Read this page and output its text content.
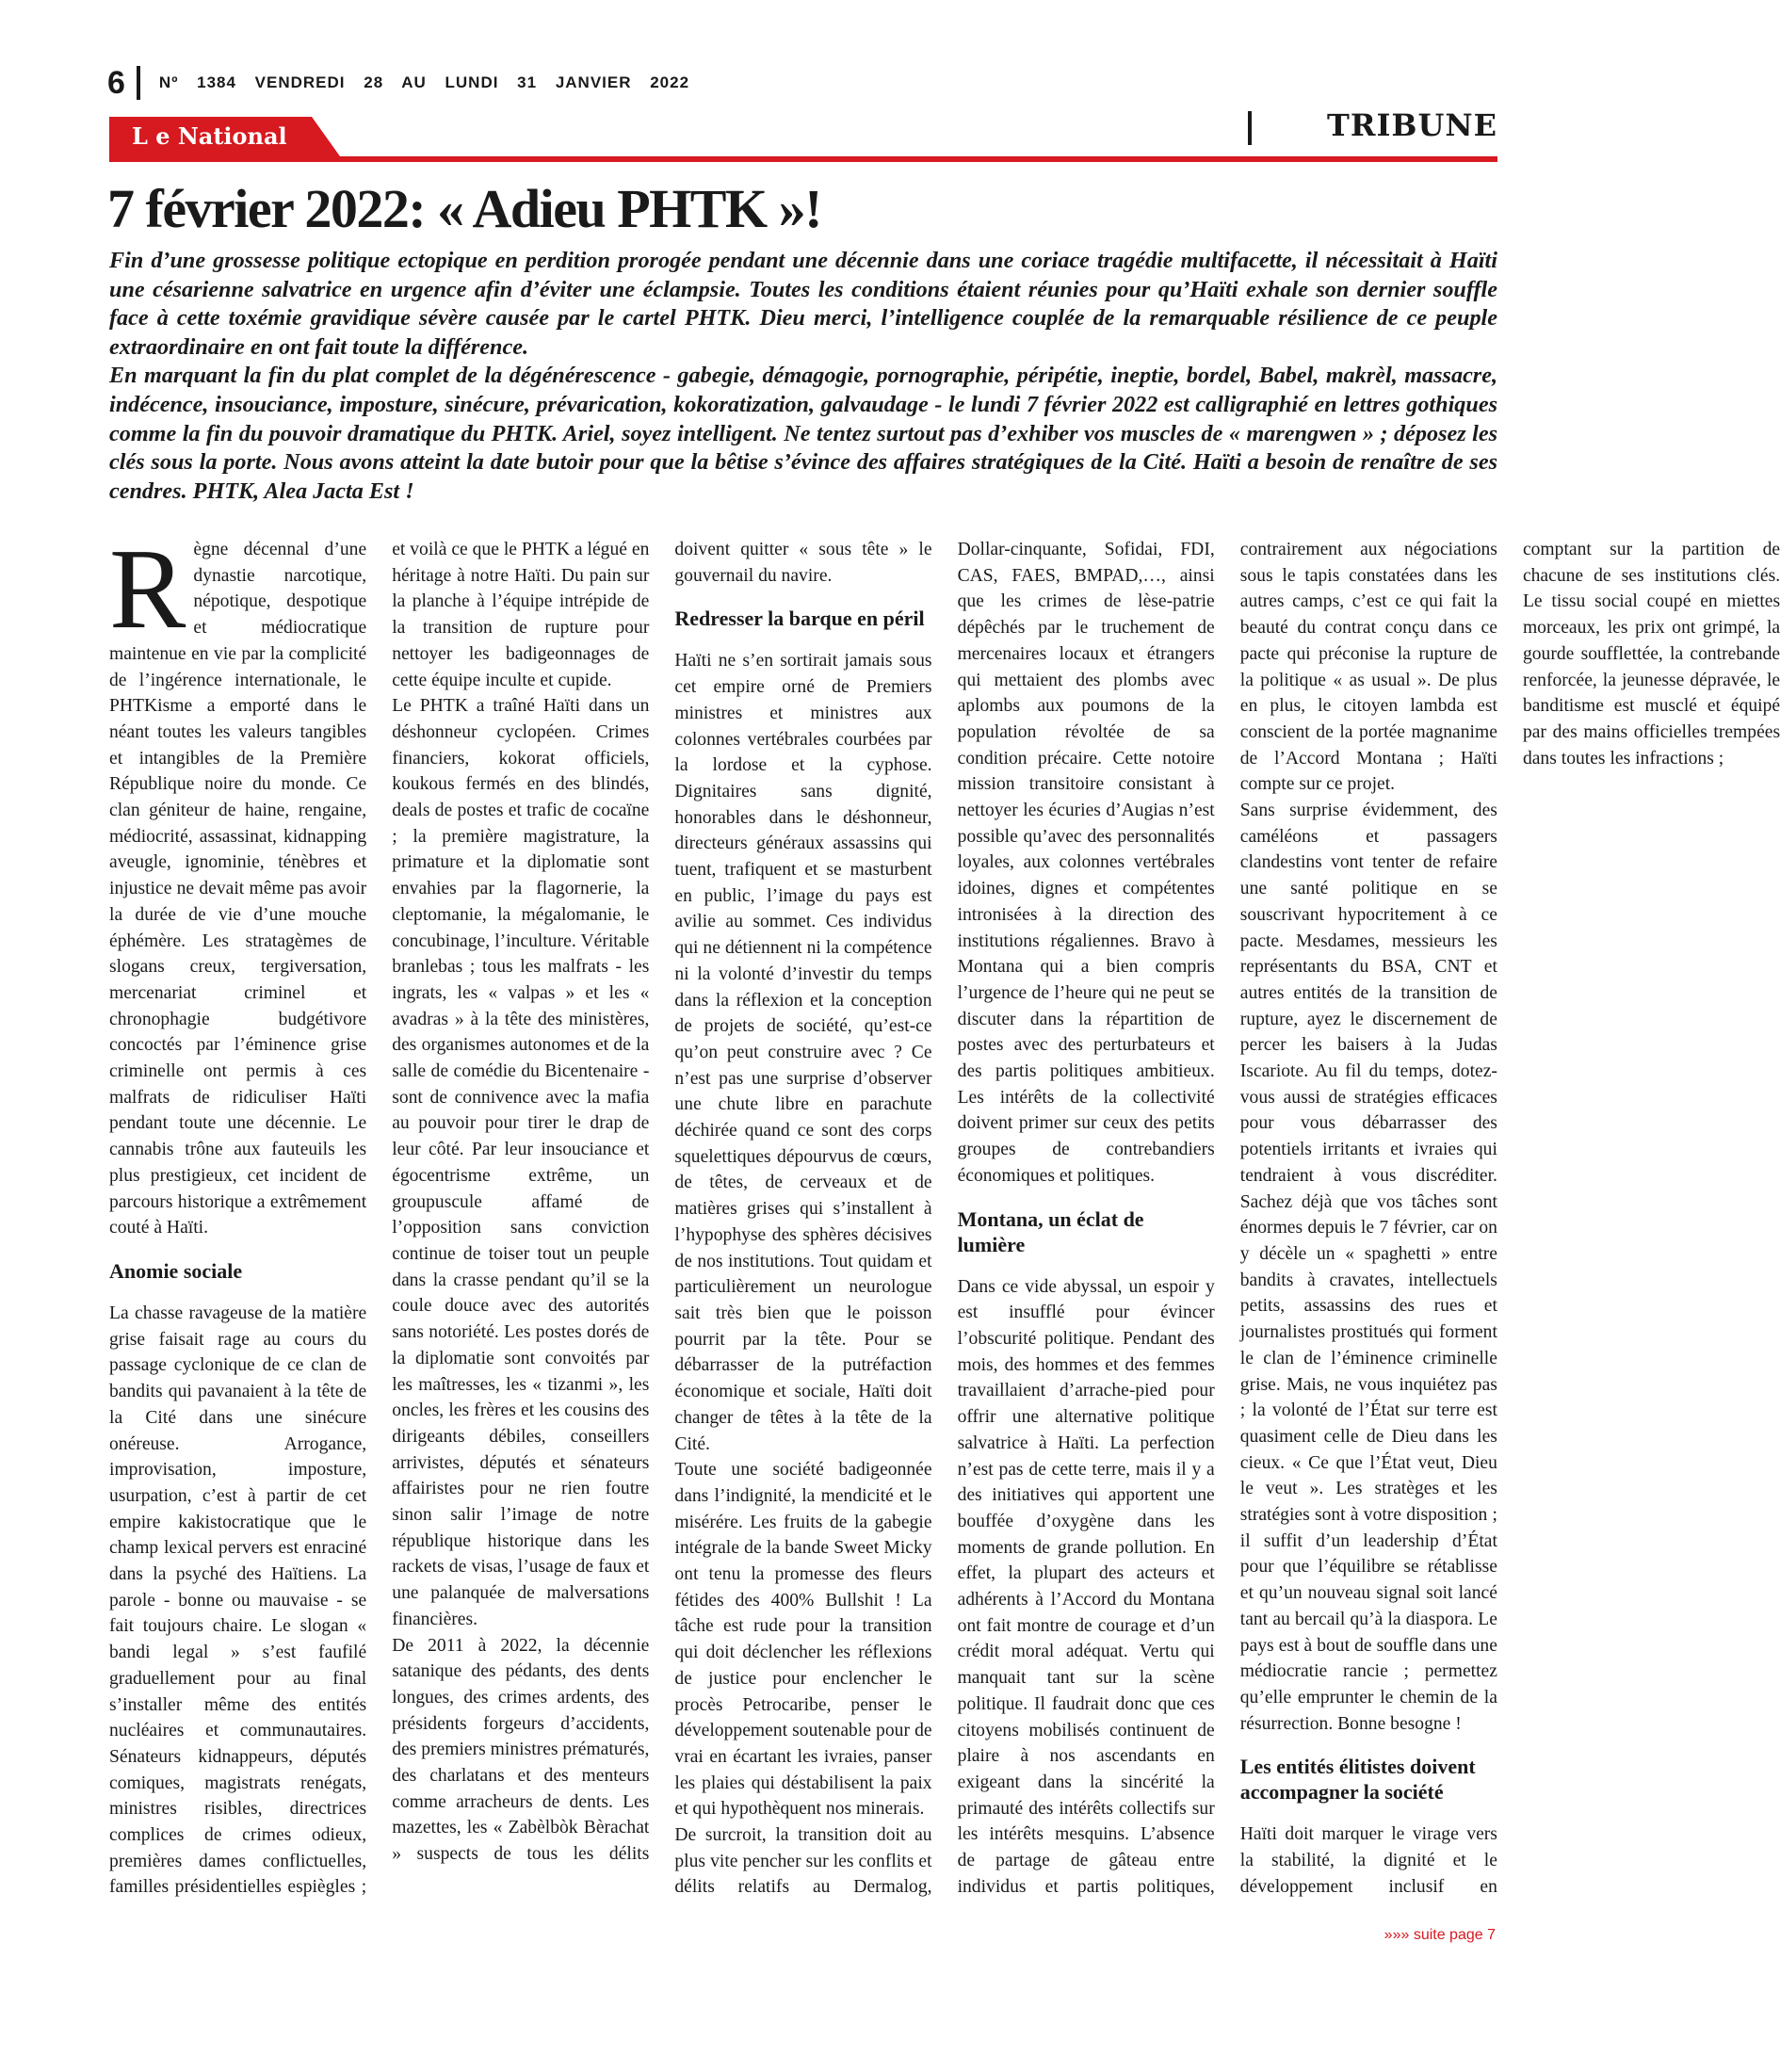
6 Nº 1384 VENDREDI 28 AU LUNDI 31 JANVIER 2022
L e National	TRIBUNE
7 février 2022: « Adieu PHTK »!

Fin d’une grossesse politique ectopique en perdition prorogée pendant une décennie dans une coriace tragédie multifacette, il nécessitait à Haïti une césarienne salvatrice en urgence afin d’éviter une éclampsie. Toutes les conditions étaient réunies pour qu’Haïti exhale son dernier souffle face à cette toxémie gravidique sévère causée par le cartel PHTK. Dieu merci, l’intelligence couplée de la remarquable résilience de ce peuple extraordinaire en ont fait toute la différence.

En marquant la fin du plat complet de la dégénérescence - gabegie, démagogie, pornographie, péripétie, ineptie, bordel, Babel, makrèl, massacre, indécence, insouciance, imposture, sinécure, prévarication, kokoratization, galvaudage - le lundi 7 février 2022 est calligraphié en lettres gothiques comme la fin du pouvoir dramatique du PHTK. Ariel, soyez intelligent. Ne tentez surtout pas d’exhiber vos muscles de « marengwen » ; déposez les clés sous la porte. Nous avons atteint la date butoir pour que la bêtise s’évince des affaires stratégiques de la Cité. Haïti a besoin de renaître de ses cendres. PHTK, Alea Jacta Est !

Règne décennal d’une dynastie narcotique, népotique, despotique et médiocratique maintenue en vie par la complicité de l’ingérence internationale, le PHTKisme a emporté dans le néant toutes les valeurs tangibles et intangibles de la Première République noire du monde. Ce clan géniteur de haine, rengaine, médiocrité, assassinat, kidnapping aveugle, ignominie, ténèbres et injustice ne devait même pas avoir la durée de vie d’une mouche éphémère. Les stratagèmes de slogans creux, tergiversation, mercenariat criminel et chronophagie budgétivore concoctés par l’éminence grise criminelle ont permis à ces malfrats de ridiculiser Haïti pendant toute une décennie. Le cannabis trône aux fauteuils les plus prestigieux, cet incident de parcours historique a extrêmement couté à Haïti.

Anomie sociale

La chasse ravageuse de la matière grise faisait rage au cours du passage cyclonique de ce clan de bandits qui pavanaient à la tête de la Cité dans une sinécure onéreuse. Arrogance, improvisation, imposture, usurpation, c’est à partir de cet empire kakistocratique que le champ lexical pervers est enraciné dans la psyché des Haïtiens. La parole - bonne ou mauvaise - se fait toujours chaire. Le slogan « bandi legal » s’est faufilé graduellement pour au final s’installer même des entités nucléaires et communautaires. Sénateurs kidnappeurs, députés comiques, magistrats renégats, ministres risibles, directrices complices de crimes odieux, premières dames conflictuelles, familles présidentielles espiègles ; et voilà ce que le PHTK a légué en héritage à notre Haïti. Du pain sur la planche à l’équipe intrépide de la transition de rupture pour nettoyer les badigeonnages de cette équipe inculte et cupide.

Le PHTK a traîné Haïti dans un déshonneur cyclopéen. Crimes financiers, kokorat officiels, koukous fermés en des blindés, deals de postes et trafic de cocaïne ; la première magistrature, la primature et la diplomatie sont envahies par la flagornerie, la cleptomanie, la mégalomanie, le concubinage, l’inculture. Véritable branlebas ; tous les malfrats - les ingrats, les « valpas » et les « avadras » à la tête des ministères, des organismes autonomes et de la salle de comédie du Bicentenaire - sont de connivence avec la mafia au pouvoir pour tirer le drap de leur côté. Par leur insouciance et égocentrisme extrême, un groupuscule affamé de l’opposition sans conviction continue de toiser tout un peuple dans la crasse pendant qu’il se la coule douce avec des autorités sans notoriété. Les postes dorés de la diplomatie sont convoités par les maîtresses, les « tizanmi », les oncles, les frères et les cousins des dirigeants débiles, conseillers arrivistes, députés et sénateurs affairistes pour ne rien foutre sinon salir l’image de notre république historique dans les rackets de visas, l’usage de faux et une palanquée de malversations financières.

De 2011 à 2022, la décennie satanique des pédants, des dents longues, des crimes ardents, des présidents forgeurs d’accidents, des premiers ministres prématurés, des charlatans et des menteurs comme arracheurs de dents. Les mazettes, les « Zabèlbòk Bèrachat » suspects de tous les délits doivent quitter « sous tête » le gouvernail du navire.

Redresser la barque en péril

Haïti ne s’en sortirait jamais sous cet empire orné de Premiers ministres et ministres aux colonnes vertébrales courbées par la lordose et la cyphose. Dignitaires sans dignité, honorables dans le déshonneur, directeurs généraux assassins qui tuent, trafiquent et se masturbent en public, l’image du pays est avilie au sommet. Ces individus qui ne détiennent ni la compétence ni la volonté d’investir du temps dans la réflexion et la conception de projets de société, qu’est-ce qu’on peut construire avec ? Ce n’est pas une surprise d’observer une chute libre en parachute déchirée quand ce sont des corps squelettiques dépourvus de cœurs, de têtes, de cerveaux et de matières grises qui s’installent à l’hypophyse des sphères décisives de nos institutions. Tout quidam et particulièrement un neurologue sait très bien que le poisson pourrit par la tête. Pour se débarrasser de la putréfaction économique et sociale, Haïti doit changer de têtes à la tête de la Cité.

Toute une société badigeonnée dans l’indignité, la mendicité et le misérére. Les fruits de la gabegie intégrale de la bande Sweet Micky ont tenu la promesse des fleurs fétides des 400% Bullshit ! La tâche est rude pour la transition qui doit déclencher les réflexions de justice pour enclencher le procès Petrocaribe, penser le développement soutenable pour de vrai en écartant les ivraies, panser les plaies qui déstabilisent la paix et qui hypothèquent nos minerais.

De surcroit, la transition doit au plus vite pencher sur les conflits et délits relatifs au Dermalog, Dollar-cinquante, Sofidai, FDI, CAS, FAES, BMPAD,…, ainsi que les crimes de lèse-patrie dépêchés par le truchement de mercenaires locaux et étrangers qui mettaient des plombs avec aplombs aux poumons de la population révoltée de sa condition précaire. Cette notoire mission transitoire consistant à nettoyer les écuries d’Augias n’est possible qu’avec des personnalités loyales, aux colonnes vertébrales idoines, dignes et compétentes intronisées à la direction des institutions régaliennes. Bravo à Montana qui a bien compris l’urgence de l’heure qui ne peut se discuter dans la répartition de postes avec des perturbateurs et des partis politiques ambitieux. Les intérêts de la collectivité doivent primer sur ceux des petits groupes de contrebandiers économiques et politiques.

Montana, un éclat de lumière

Dans ce vide abyssal, un espoir y est insufflé pour évincer l’obscurité politique. Pendant des mois, des hommes et des femmes travaillaient d’arrache-pied pour offrir une alternative politique salvatrice à Haïti. La perfection n’est pas de cette terre, mais il y a des initiatives qui apportent une bouffée d’oxygène dans les moments de grande pollution. En effet, la plupart des acteurs et adhérents à l’Accord du Montana ont fait montre de courage et d’un crédit moral adéquat. Vertu qui manquait tant sur la scène politique. Il faudrait donc que ces citoyens mobilisés continuent de plaire à nos ascendants en exigeant dans la sincérité la primauté des intérêts collectifs sur les intérêts mesquins. L’absence de partage de gâteau entre individus et partis politiques, contrairement aux négociations sous le tapis constatées dans les autres camps, c’est ce qui fait la beauté du contrat conçu dans ce pacte qui préconise la rupture de la politique « as usual ». De plus en plus, le citoyen lambda est conscient de la portée magnanime de l’Accord Montana ; Haïti compte sur ce projet.

Sans surprise évidemment, des caméléons et passagers clandestins vont tenter de refaire une santé politique en se souscrivant hypocritement à ce pacte. Mesdames, messieurs les représentants du BSA, CNT et autres entités de la transition de rupture, ayez le discernement de percer les baisers à la Judas Iscariote. Au fil du temps, dotez-vous aussi de stratégies efficaces pour vous débarrasser des potentiels irritants et ivraies qui tendraient à vous discréditer. Sachez déjà que vos tâches sont énormes depuis le 7 février, car on y décèle un « spaghetti » entre bandits à cravates, intellectuels petits, assassins des rues et journalistes prostitués qui forment le clan de l’éminence criminelle grise. Mais, ne vous inquiétez pas ; la volonté de l’État sur terre est quasiment celle de Dieu dans les cieux. « Ce que l’État veut, Dieu le veut ». Les stratèges et les stratégies sont à votre disposition ; il suffit d’un leadership d’État pour que l’équilibre se rétablisse et qu’un nouveau signal soit lancé tant au bercail qu’à la diaspora. Le pays est à bout de souffle dans une médiocratie rancie ; permettez qu’elle emprunter le chemin de la résurrection. Bonne besogne !

Les entités élitistes doivent accompagner la société

Haïti doit marquer le virage vers la stabilité, la dignité et le développement inclusif en comptant sur la partition de chacune de ses institutions clés. Le tissu social coupé en miettes morceaux, les prix ont grimpé, la gourde soufflettée, la contrebande renforcée, la jeunesse dépravée, le banditisme est musclé et équipé par des mains officielles trempées dans toutes les infractions ;

»»» suite page 7
